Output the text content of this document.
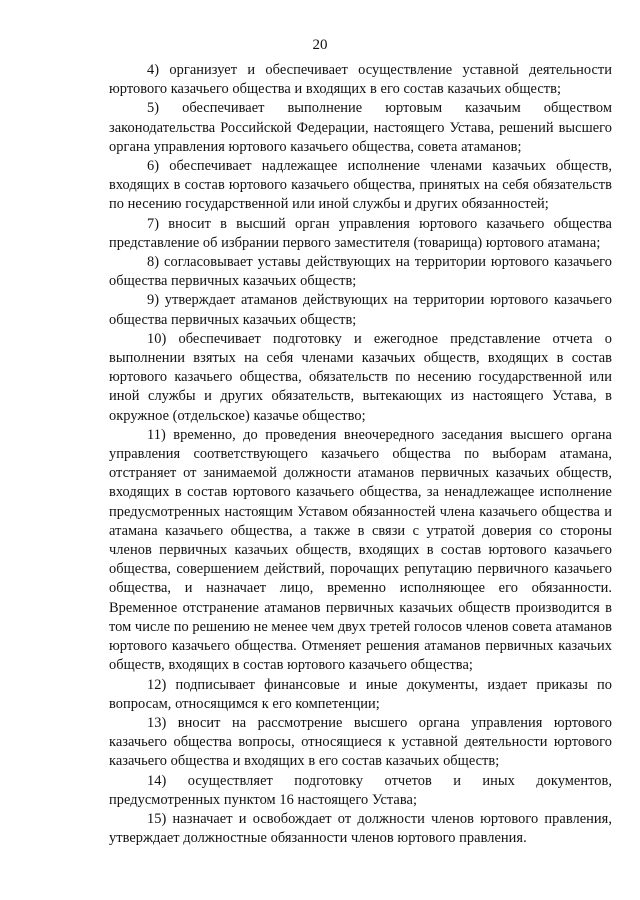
20

4) организует и обеспечивает осуществление уставной деятельности юртового казачьего общества и входящих в его состав казачьих обществ;

5) обеспечивает выполнение юртовым казачьим обществом законодательства Российской Федерации, настоящего Устава, решений высшего органа управления юртового казачьего общества, совета атаманов;

6) обеспечивает надлежащее исполнение членами казачьих обществ, входящих в состав юртового казачьего общества, принятых на себя обязательств по несению государственной или иной службы и других обязанностей;

7) вносит в высший орган управления юртового казачьего общества представление об избрании первого заместителя (товарища) юртового атамана;

8) согласовывает уставы действующих на территории юртового казачьего общества первичных казачьих обществ;

9) утверждает атаманов действующих на территории юртового казачьего общества первичных казачьих обществ;

10) обеспечивает подготовку и ежегодное представление отчета о выполнении взятых на себя членами казачьих обществ, входящих в состав юртового казачьего общества, обязательств по несению государственной или иной службы и других обязательств, вытекающих из настоящего Устава, в окружное (отдельское) казачье общество;

11) временно, до проведения внеочередного заседания высшего органа управления соответствующего казачьего общества по выборам атамана, отстраняет от занимаемой должности атаманов первичных казачьих обществ, входящих в состав юртового казачьего общества, за ненадлежащее исполнение предусмотренных настоящим Уставом обязанностей члена казачьего общества и атамана казачьего общества, а также в связи с утратой доверия со стороны членов первичных казачьих обществ, входящих в состав юртового казачьего общества, совершением действий, порочащих репутацию первичного казачьего общества, и назначает лицо, временно исполняющее его обязанности. Временное отстранение атаманов первичных казачьих обществ производится в том числе по решению не менее чем двух третей голосов членов совета атаманов юртового казачьего общества. Отменяет решения атаманов первичных казачьих обществ, входящих в состав юртового казачьего общества;

12) подписывает финансовые и иные документы, издает приказы по вопросам, относящимся к его компетенции;

13) вносит на рассмотрение высшего органа управления юртового казачьего общества вопросы, относящиеся к уставной деятельности юртового казачьего общества и входящих в его состав казачьих обществ;

14) осуществляет подготовку отчетов и иных документов, предусмотренных пунктом 16 настоящего Устава;

15) назначает и освобождает от должности членов юртового правления, утверждает должностные обязанности членов юртового правления.
